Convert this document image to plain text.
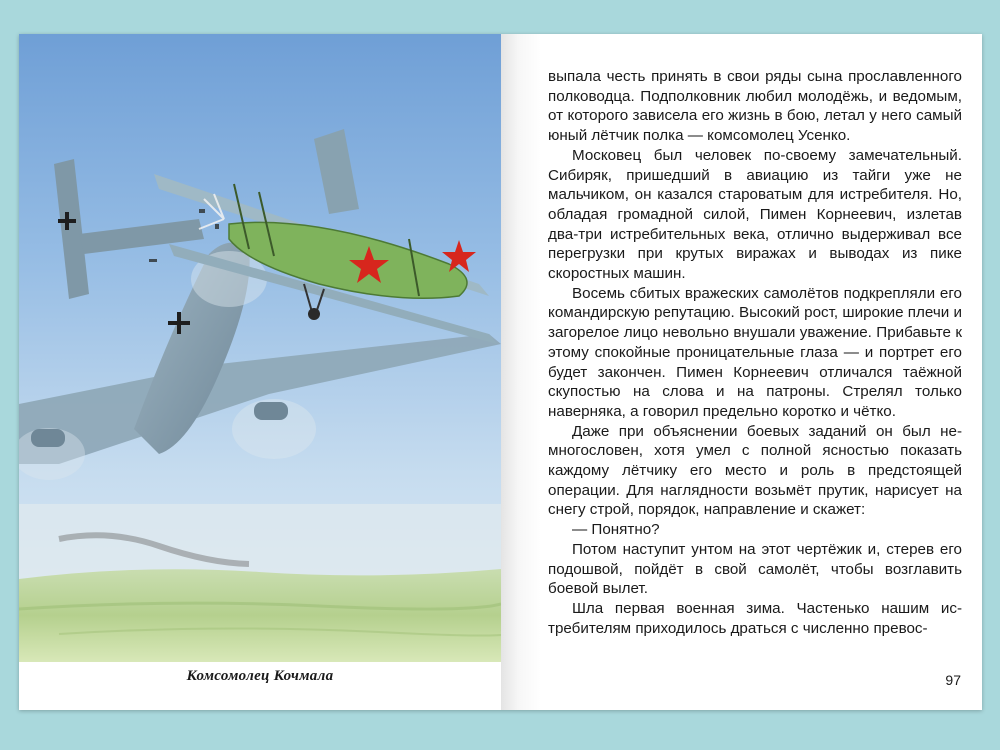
Комсомолец Кочмала

выпала честь принять в свои ряды сына прославленного полководца. Подполковник любил молодёжь, и ведомым, от которого зависела его жизнь в бою, летал у него самый юный лётчик полка — комсомолец Усенко.

Московец был человек по-своему замечательный. Сибиряк, пришедший в авиацию из тайги уже не мальчиком, он казался староватым для истребителя. Но, обладая громадной силой, Пимен Корнеевич, излетав два-три истребительных века, отлично выдерживал все перегрузки при крутых виражах и выводах из пике скоростных машин.

Восемь сбитых вражеских самолётов подкрепляли его командирскую репутацию. Высокий рост, широкие плечи и загорелое лицо невольно внушали уважение. Прибавьте к этому спокойные проницательные глаза — и портрет его будет закончен. Пимен Корнеевич отличался таёжной скупостью на слова и на патроны. Стрелял только наверняка, а говорил предельно коротко и чётко.

Даже при объяснении боевых заданий он был немногословен, хотя умел с полной ясностью показать каждому лётчику его место и роль в предстоящей операции. Для наглядности возьмёт прутик, нарисует на снегу строй, порядок, направление и скажет:

— Понятно?

Потом наступит унтом на этот чертёжик и, стерев его подошвой, пойдёт в свой самолёт, чтобы возглавить боевой вылет.

Шла первая военная зима. Частенько нашим истребителям приходилось драться с численно превос-

97
